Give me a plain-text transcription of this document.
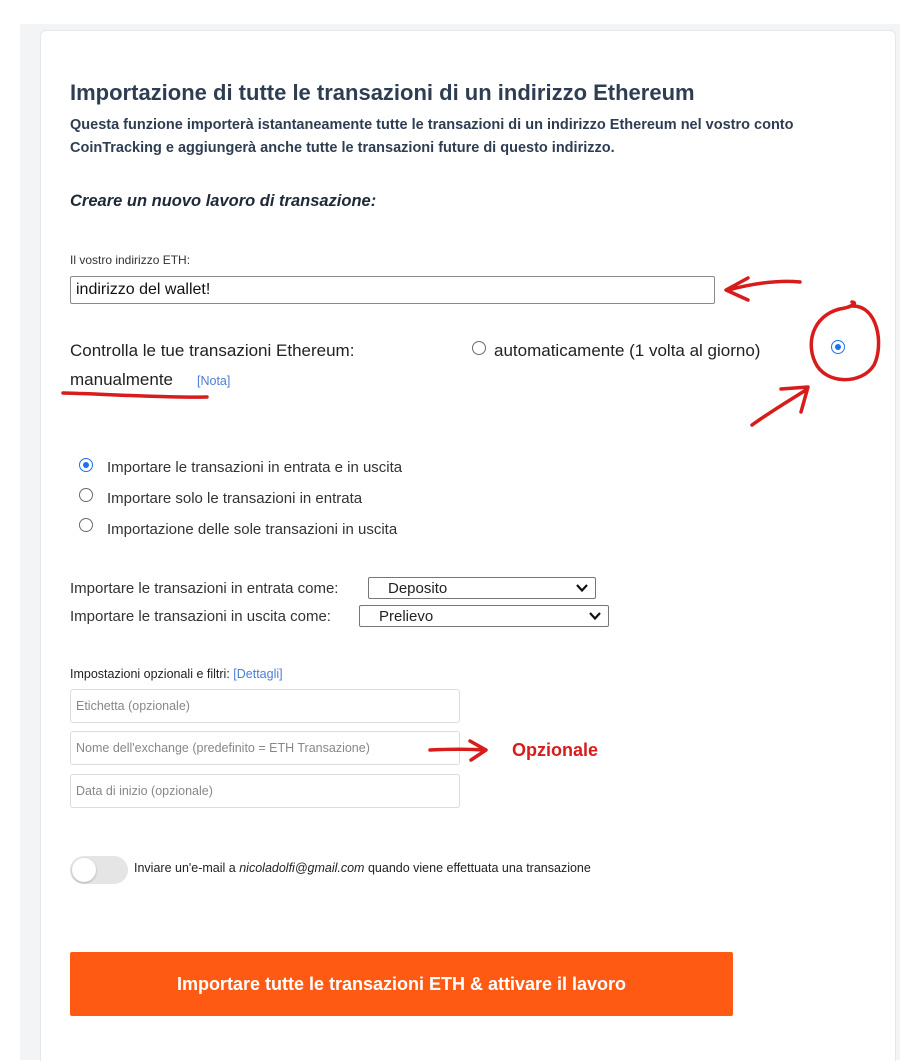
Importazione di tutte le transazioni di un indirizzo Ethereum
Questa funzione importerà istantaneamente tutte le transazioni di un indirizzo Ethereum nel vostro conto CoinTracking e aggiungerà anche tutte le transazioni future di questo indirizzo.
Creare un nuovo lavoro di transazione:
Il vostro indirizzo ETH:
indirizzo del wallet!
Controlla le tue transazioni Ethereum:	automaticamente (1 volta al giorno)
manualmente [Nota]
Importare le transazioni in entrata e in uscita
Importare solo le transazioni in entrata
Importazione delle sole transazioni in uscita
Importare le transazioni in entrata come:	Deposito
Importare le transazioni in uscita come:	Prelievo
Impostazioni opzionali e filtri: [Dettagli]
Etichetta (opzionale)
Nome dell'exchange (predefinito = ETH Transazione)
Data di inizio (opzionale)
Inviare un'e-mail a nicoladolfi@gmail.com quando viene effettuata una transazione
Importare tutte le transazioni ETH & attivare il lavoro
Opzionale
